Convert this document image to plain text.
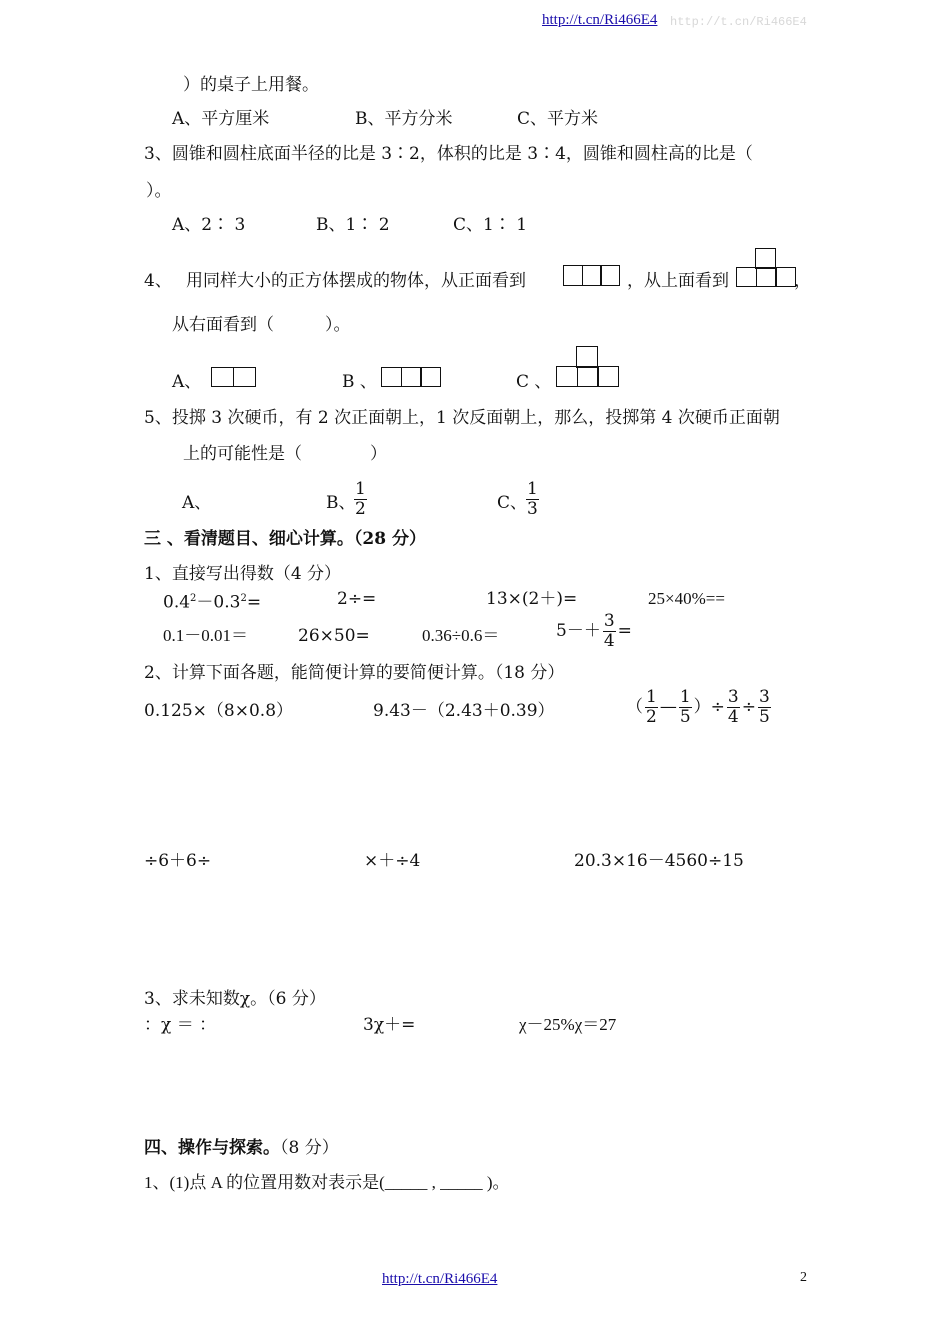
http://t.cn/Ri466E4 http://t.cn/Ri466E4
）的桌子上用餐。
A、平方厘米	B、平方分米	C、平方米
3、圆锥和圆柱底面半径的比是 3∶2，体积的比是 3∶4，圆锥和圆柱高的比是（
）。
A、2∶ 3	B、1∶ 2	C、1∶ 1
4、 用同样大小的正方体摆成的物体，从正面看到	，从上面看到	，
从右面看到（　　　）。
A、	B 、	C 、
5、投掷 3 次硬币，有 2 次正面朝上，1 次反面朝上，那么，投掷第 4 次硬币正面朝
上的可能性是（　　　　）
A、	B、
$\frac{1}{2}$	C、
$\frac{1}{3}$
三 、看清题目、细心计算。（28 分）
1、直接写出得数（4 分）
$0.4^2-0.3^2=$	2÷=	13×(2＋)=	25×40%==
0.1－0.01＝	26×50=	0.36÷0.6＝	$5-+ \frac{3}{4}$ =
2、计算下面各题，能简便计算的要简便计算。（18 分）
0.125×（8×0.8）	9.43－（2.43＋0.39）	（ $\frac{1}{2}$ — $\frac{1}{5}$ ）÷ $\frac{3}{4} \div \frac{3}{5}$
÷6＋6÷	×＋÷4	20.3×16－4560÷15
3、求未知数χ。（6 分）
：χ ＝ ：	3χ＋=	χ－25%χ＝27
四、操作与探索。（8 分）
1、(1)点 A 的位置用数对表示是(_____ , _____ )。
http://t.cn/Ri466E4	2
